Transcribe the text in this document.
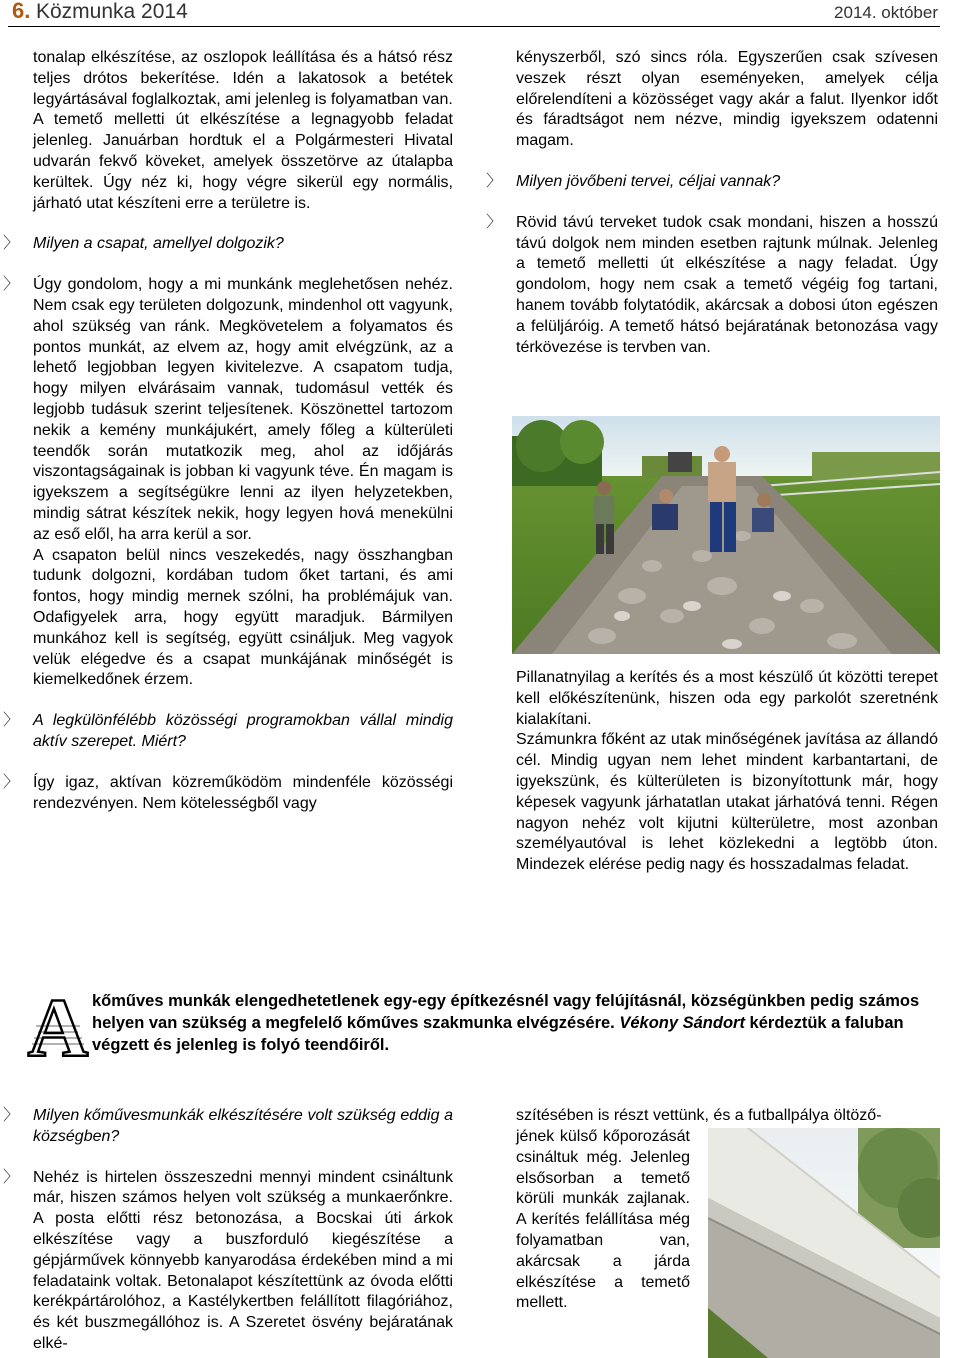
6. Közmunka 2014	2014. október

tonalap elkészítése, az oszlopok leállítása és a hátsó rész teljes drótos bekerítése. Idén a lakatosok a betétek legyártásával foglalkoztak, ami jelenleg is folyamatban van.

A temető melletti út elkészítése a legnagyobb feladat jelenleg. Januárban hordtuk el a Polgármesteri Hivatal udvarán fekvő köveket, amelyek összetörve az útalapba kerültek. Úgy néz ki, hogy végre sikerül egy normális, járható utat készíteni erre a területre is.

〉 Milyen a csapat, amellyel dolgozik?

〉 Úgy gondolom, hogy a mi munkánk meglehetősen nehéz. Nem csak egy területen dolgozunk, mindenhol ott vagyunk, ahol szükség van ránk. Megkövetelem a folyamatos és pontos munkát, az elvem az, hogy amit elvégzünk, az a lehető legjobban legyen kivitelezve. A csapatom tudja, hogy milyen elvárásaim vannak, tudomásul vették és legjobb tudásuk szerint teljesítenek. Köszönettel tartozom nekik a kemény munkájukért, amely főleg a külterületi teendők során mutatkozik meg, ahol az időjárás viszontagságainak is jobban ki vagyunk téve. Én magam is igyekszem a segítségükre lenni az ilyen helyzetekben, mindig sátrat készítek nekik, hogy legyen hová menekülni az eső elől, ha arra kerül a sor.

A csapaton belül nincs veszekedés, nagy összhangban tudunk dolgozni, kordában tudom őket tartani, és ami fontos, hogy mindig mernek szólni, ha problémájuk van. Odafigyelek arra, hogy együtt maradjuk. Bármilyen munkához kell is segítség, együtt csináljuk. Meg vagyok velük elégedve és a csapat munkájának minőségét is kiemelkedőnek érzem.

〉 A legkülönfélébb közösségi programokban vállal mindig aktív szerepet. Miért?

〉 Így igaz, aktívan közreműködöm mindenféle közösségi rendezvényen. Nem kötelességből vagy

kényszerből, szó sincs róla. Egyszerűen csak szívesen veszek részt olyan eseményeken, amelyek célja előrelendíteni a közösséget vagy akár a falut. Ilyenkor időt és fáradtságot nem nézve, mindig igyekszem odatenni magam.

〉 Milyen jövőbeni tervei, céljai vannak?

〉 Rövid távú terveket tudok csak mondani, hiszen a hosszú távú dolgok nem minden esetben rajtunk múlnak. Jelenleg a temető melletti út elkészítése a nagy feladat. Úgy gondolom, hogy nem csak a temető végéig fog tartani, hanem tovább folytatódik, akárcsak a dobosi úton egészen a felüljáróig. A temető hátsó bejáratának betonozása vagy térkövezése is tervben van.

Pillanatnyilag a kerítés és a most készülő út közötti terepet kell előkészítenünk, hiszen oda egy parkolót szeretnénk kialakítani.

Számunkra főként az utak minőségének javítása az állandó cél. Mindig ugyan nem lehet mindent karbantartani, de igyekszünk, és külterületen is bizonyítottunk már, hogy képesek vagyunk járhatatlan utakat járhatóvá tenni. Régen nagyon nehéz volt kijutni külterületre, most azonban személyautóval is lehet közlekedni a legtöbb úton. Mindezek elérése pedig nagy és hosszadalmas feladat.

A kőműves munkák elengedhetetlenek egy-egy építkezésnél vagy felújításnál, községünkben pedig számos helyen van szükség a megfelelő kőműves szakmunka elvégzésére. Vékony Sándort kérdeztük a faluban végzett és jelenleg is folyó teendőiről.

〉 Milyen kőművesmunkák elkészítésére volt szükség eddig a községben?

〉 Nehéz is hirtelen összeszedni mennyi mindent csináltunk már, hiszen számos helyen volt szükség a munkaerőnkre. A posta előtti rész betonozása, a Bocskai úti árkok elkészítése vagy a buszforduló kiegészítése a gépjárművek könnyebb kanyarodása érdekében mind a mi feladataink voltak. Betonalapot készítettünk az óvoda előtti kerékpártárolóhoz, a Kastélykertben felállított filagóriához, és két buszmegállóhoz is. A Szeretet ösvény bejáratának elké-

szítésében is részt vettünk, és a futballpálya öltöző-

jének külső kőporozását csináltuk még. Jelenleg elsősorban a temető körüli munkák zajlanak. A kerítés felállítása még folyamatban van, akárcsak a járda elkészítése a temető mellett.
